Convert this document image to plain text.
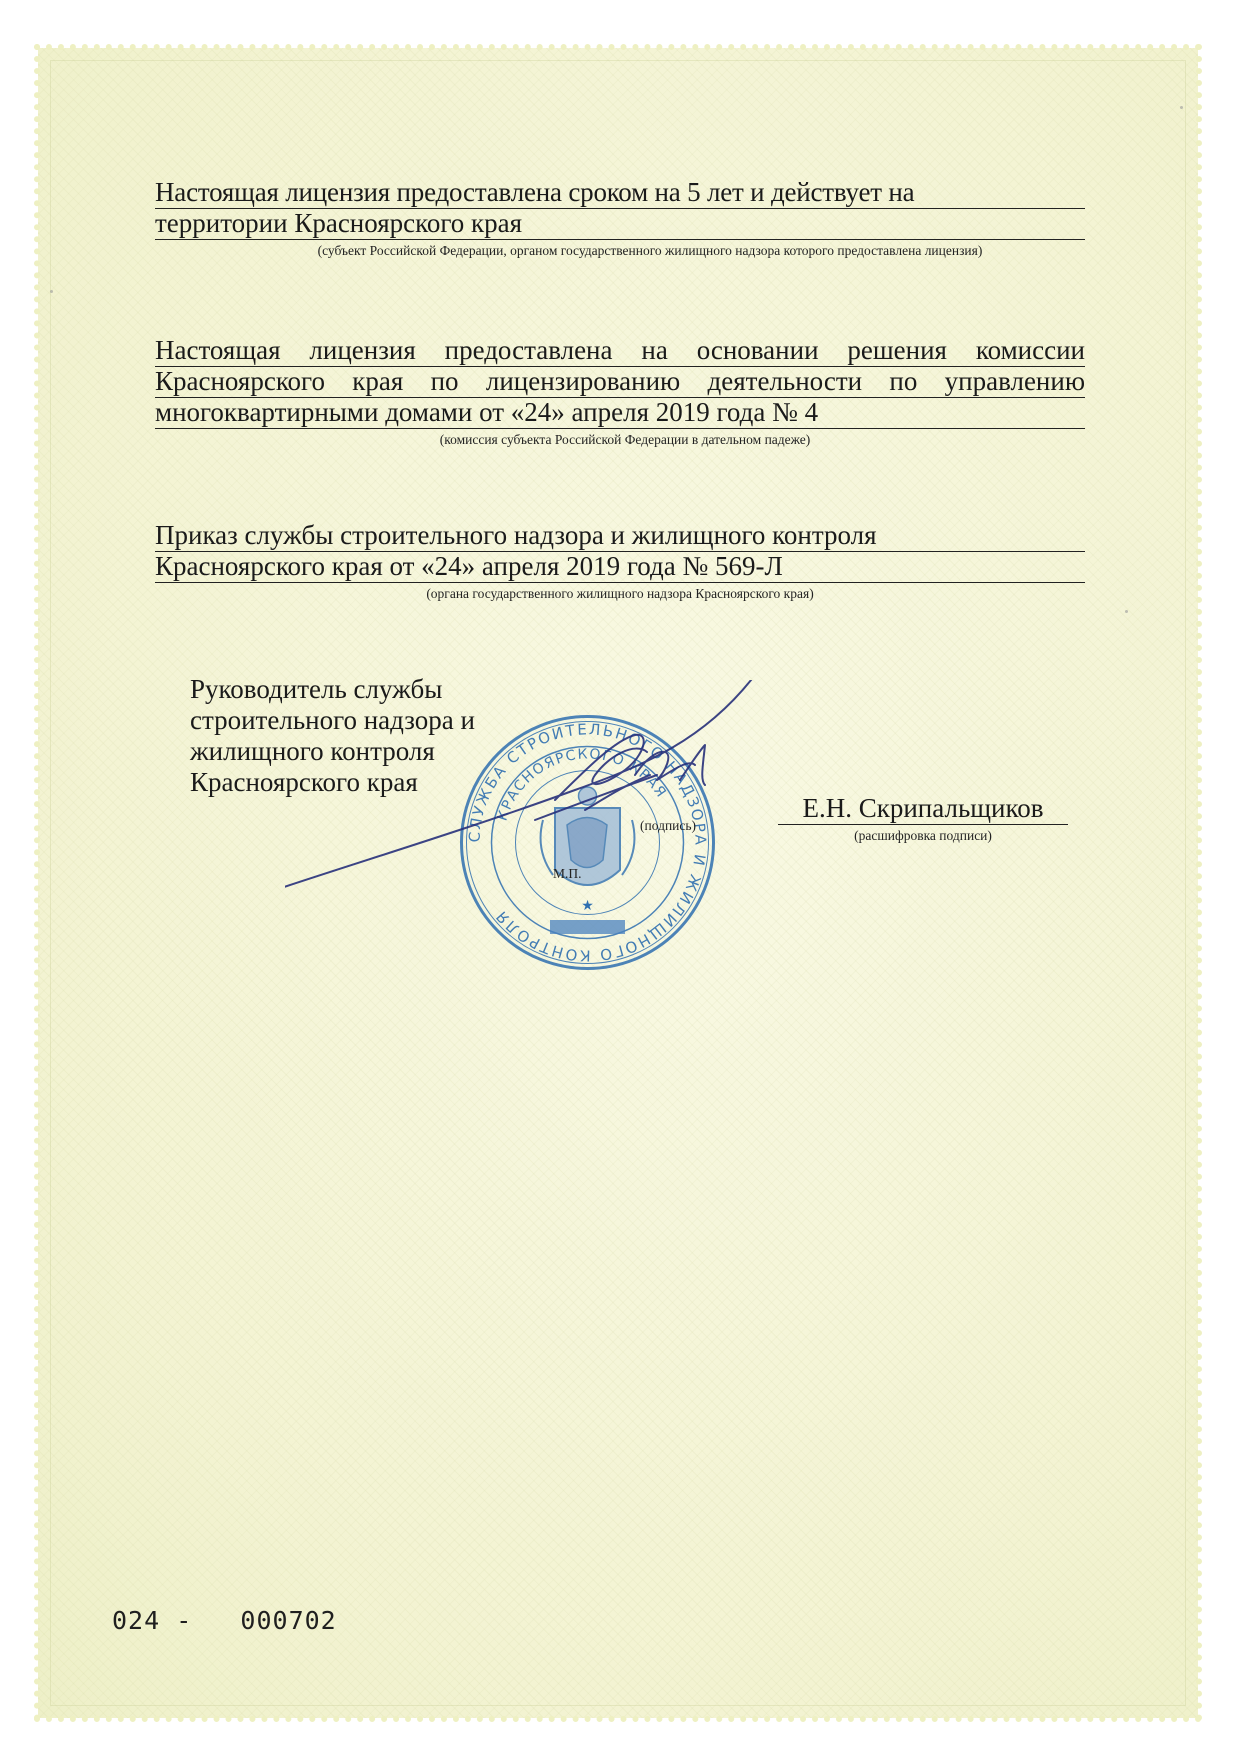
Настоящая лицензия предоставлена сроком на 5 лет и действует на
территории Красноярского края
(субъект Российской Федерации, органом государственного жилищного надзора которого предоставлена лицензия)
Настоящая лицензия предоставлена на основании решения комиссии
Красноярского края по лицензированию деятельности по управлению
многоквартирными домами от «24» апреля 2019 года № 4
(комиссия субъекта Российской Федерации в дательном падеже)
Приказ службы строительного надзора и жилищного контроля
Красноярского края от «24» апреля 2019 года № 569-Л
(органа государственного жилищного надзора Красноярского края)
Руководитель службы
строительного надзора и
жилищного контроля
Красноярского края
СЛУЖБА СТРОИТЕЛЬНОГО НАДЗОРА И ЖИЛИЩНОГО КОНТРОЛЯ
КРАСНОЯРСКОГО КРАЯ
★
(подпись)
М.П.
Е.Н. Скрипальщиков
(расшифровка подписи)
024 -   000702
